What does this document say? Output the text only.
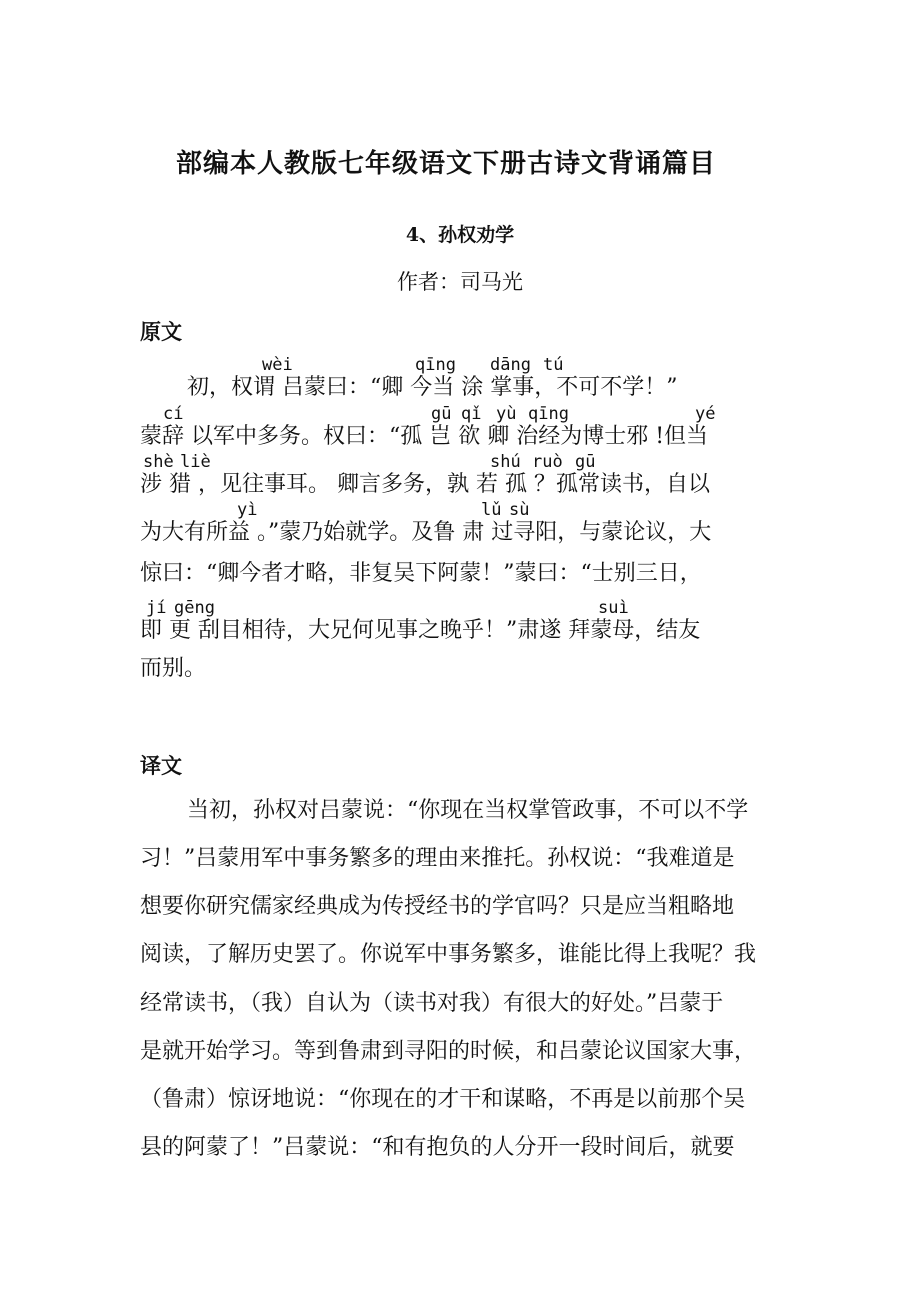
部编本人教版七年级语文下册古诗文背诵篇目
4、孙权劝学
作者：司马光
原文
wèi	qīng dāng tú
初，权谓 吕蒙曰：“卿 今当 涂 掌事，不可不学！”
cí	gū qǐ yù qīng	yé
蒙辞 以军中多务。权曰：“孤 岂 欲 卿 治经为博士邪 !但当
shè liè	shú ruò gū
涉 猎 ，见往事耳。 卿言多务，孰 若 孤 ？孤常读书，自以
yì	lǔ sù
为大有所益 。”蒙乃始就学。及鲁 肃 过寻阳，与蒙论议，大
惊曰：“卿今者才略，非复吴下阿蒙！”蒙曰：“士别三日，
jí gēng	suì
即 更 刮目相待，大兄何见事之晚乎！”肃遂 拜蒙母，结友
而别。
译文
当初，孙权对吕蒙说：“你现在当权掌管政事，不可以不学
习！”吕蒙用军中事务繁多的理由来推托。孙权说：“我难道是
想要你研究儒家经典成为传授经书的学官吗？只是应当粗略地
阅读，了解历史罢了。你说军中事务繁多，谁能比得上我呢？我
经常读书，（我）自认为（读书对我）有很大的好处。”吕蒙于
是就开始学习。等到鲁肃到寻阳的时候，和吕蒙论议国家大事，
（鲁肃）惊讶地说：“你现在的才干和谋略，不再是以前那个吴
县的阿蒙了！”吕蒙说：“和有抱负的人分开一段时间后，就要
